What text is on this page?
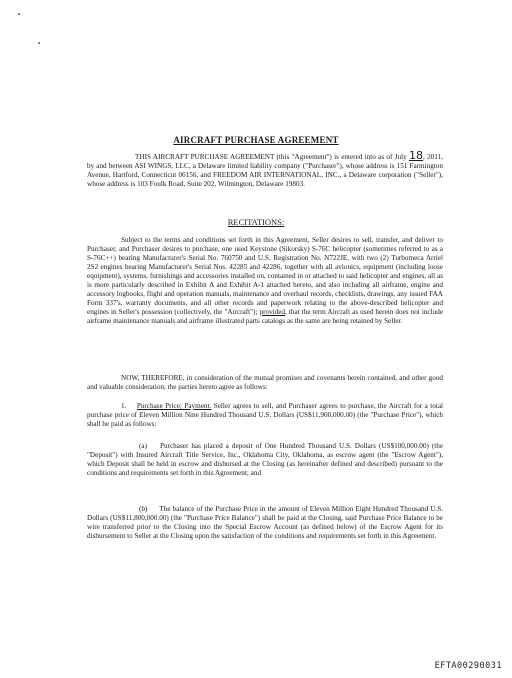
AIRCRAFT PURCHASE AGREEMENT

THIS AIRCRAFT PURCHASE AGREEMENT (this "Agreement") is entered into as of July 18, 2011, by and between ASI WINGS, LLC, a Delaware limited liability company ("Purchaser"), whose address is 151 Farmington Avenue, Hartford, Connecticut 06156, and FREEDOM AIR INTERNATIONAL, INC., a Delaware corporation ("Seller"), whose address is 103 Foulk Road, Suite 202, Wilmington, Delaware 19803.

RECITATIONS:

Subject to the terms and conditions set forth in this Agreement, Seller desires to sell, transfer, and deliver to Purchaser, and Purchaser desires to purchase, one used Keystone (Sikorsky) S-76C helicopter (sometimes referred to as a S-76C++) bearing Manufacturer's Serial No. 760750 and U.S. Registration No. N722JE, with two (2) Turbomeca Arriel 2S2 engines bearing Manufacturer's Serial Nos. 42285 and 42286, together with all avionics, equipment (including loose equipment), systems, furnishings and accessories installed on, contained in or attached to said helicopter and engines, all as is more particularly described in Exhibit A and Exhibit A-1 attached hereto, and also including all airframe, engine and accessory logbooks, flight and operation manuals, maintenance and overhaul records, checklists, drawings, any issued FAA Form 337's, warranty documents, and all other records and paperwork relating to the above-described helicopter and engines in Seller's possession (collectively, the "Aircraft"); provided, that the term Aircraft as used herein does not include airframe maintenance manuals and airframe illustrated parts catalogs as the same are being retained by Seller.

NOW, THEREFORE, in consideration of the mutual promises and covenants herein contained, and other good and valuable consideration, the parties hereto agree as follows:

1. Purchase Price; Payment. Seller agrees to sell, and Purchaser agrees to purchase, the Aircraft for a total purchase price of Eleven Million Nine Hundred Thousand U.S. Dollars (US$11,900,000.00) (the "Purchase Price"), which shall be paid as follows:

(a) Purchaser has placed a deposit of One Hundred Thousand U.S. Dollars (US$100,000.00) (the "Deposit") with Insured Aircraft Title Service, Inc., Oklahoma City, Oklahoma, as escrow agent (the "Escrow Agent"), which Deposit shall be held in escrow and disbursed at the Closing (as hereinafter defined and described) pursuant to the conditions and requirements set forth in this Agreement; and

(b) The balance of the Purchase Price in the amount of Eleven Million Eight Hundred Thousand U.S. Dollars (US$11,800,000.00) (the "Purchase Price Balance") shall be paid at the Closing, said Purchase Price Balance to be wire transferred prior to the Closing into the Special Escrow Account (as defined below) of the Escrow Agent for its disbursement to Seller at the Closing upon the satisfaction of the conditions and requirements set forth in this Agreement.

EFTA00290031
